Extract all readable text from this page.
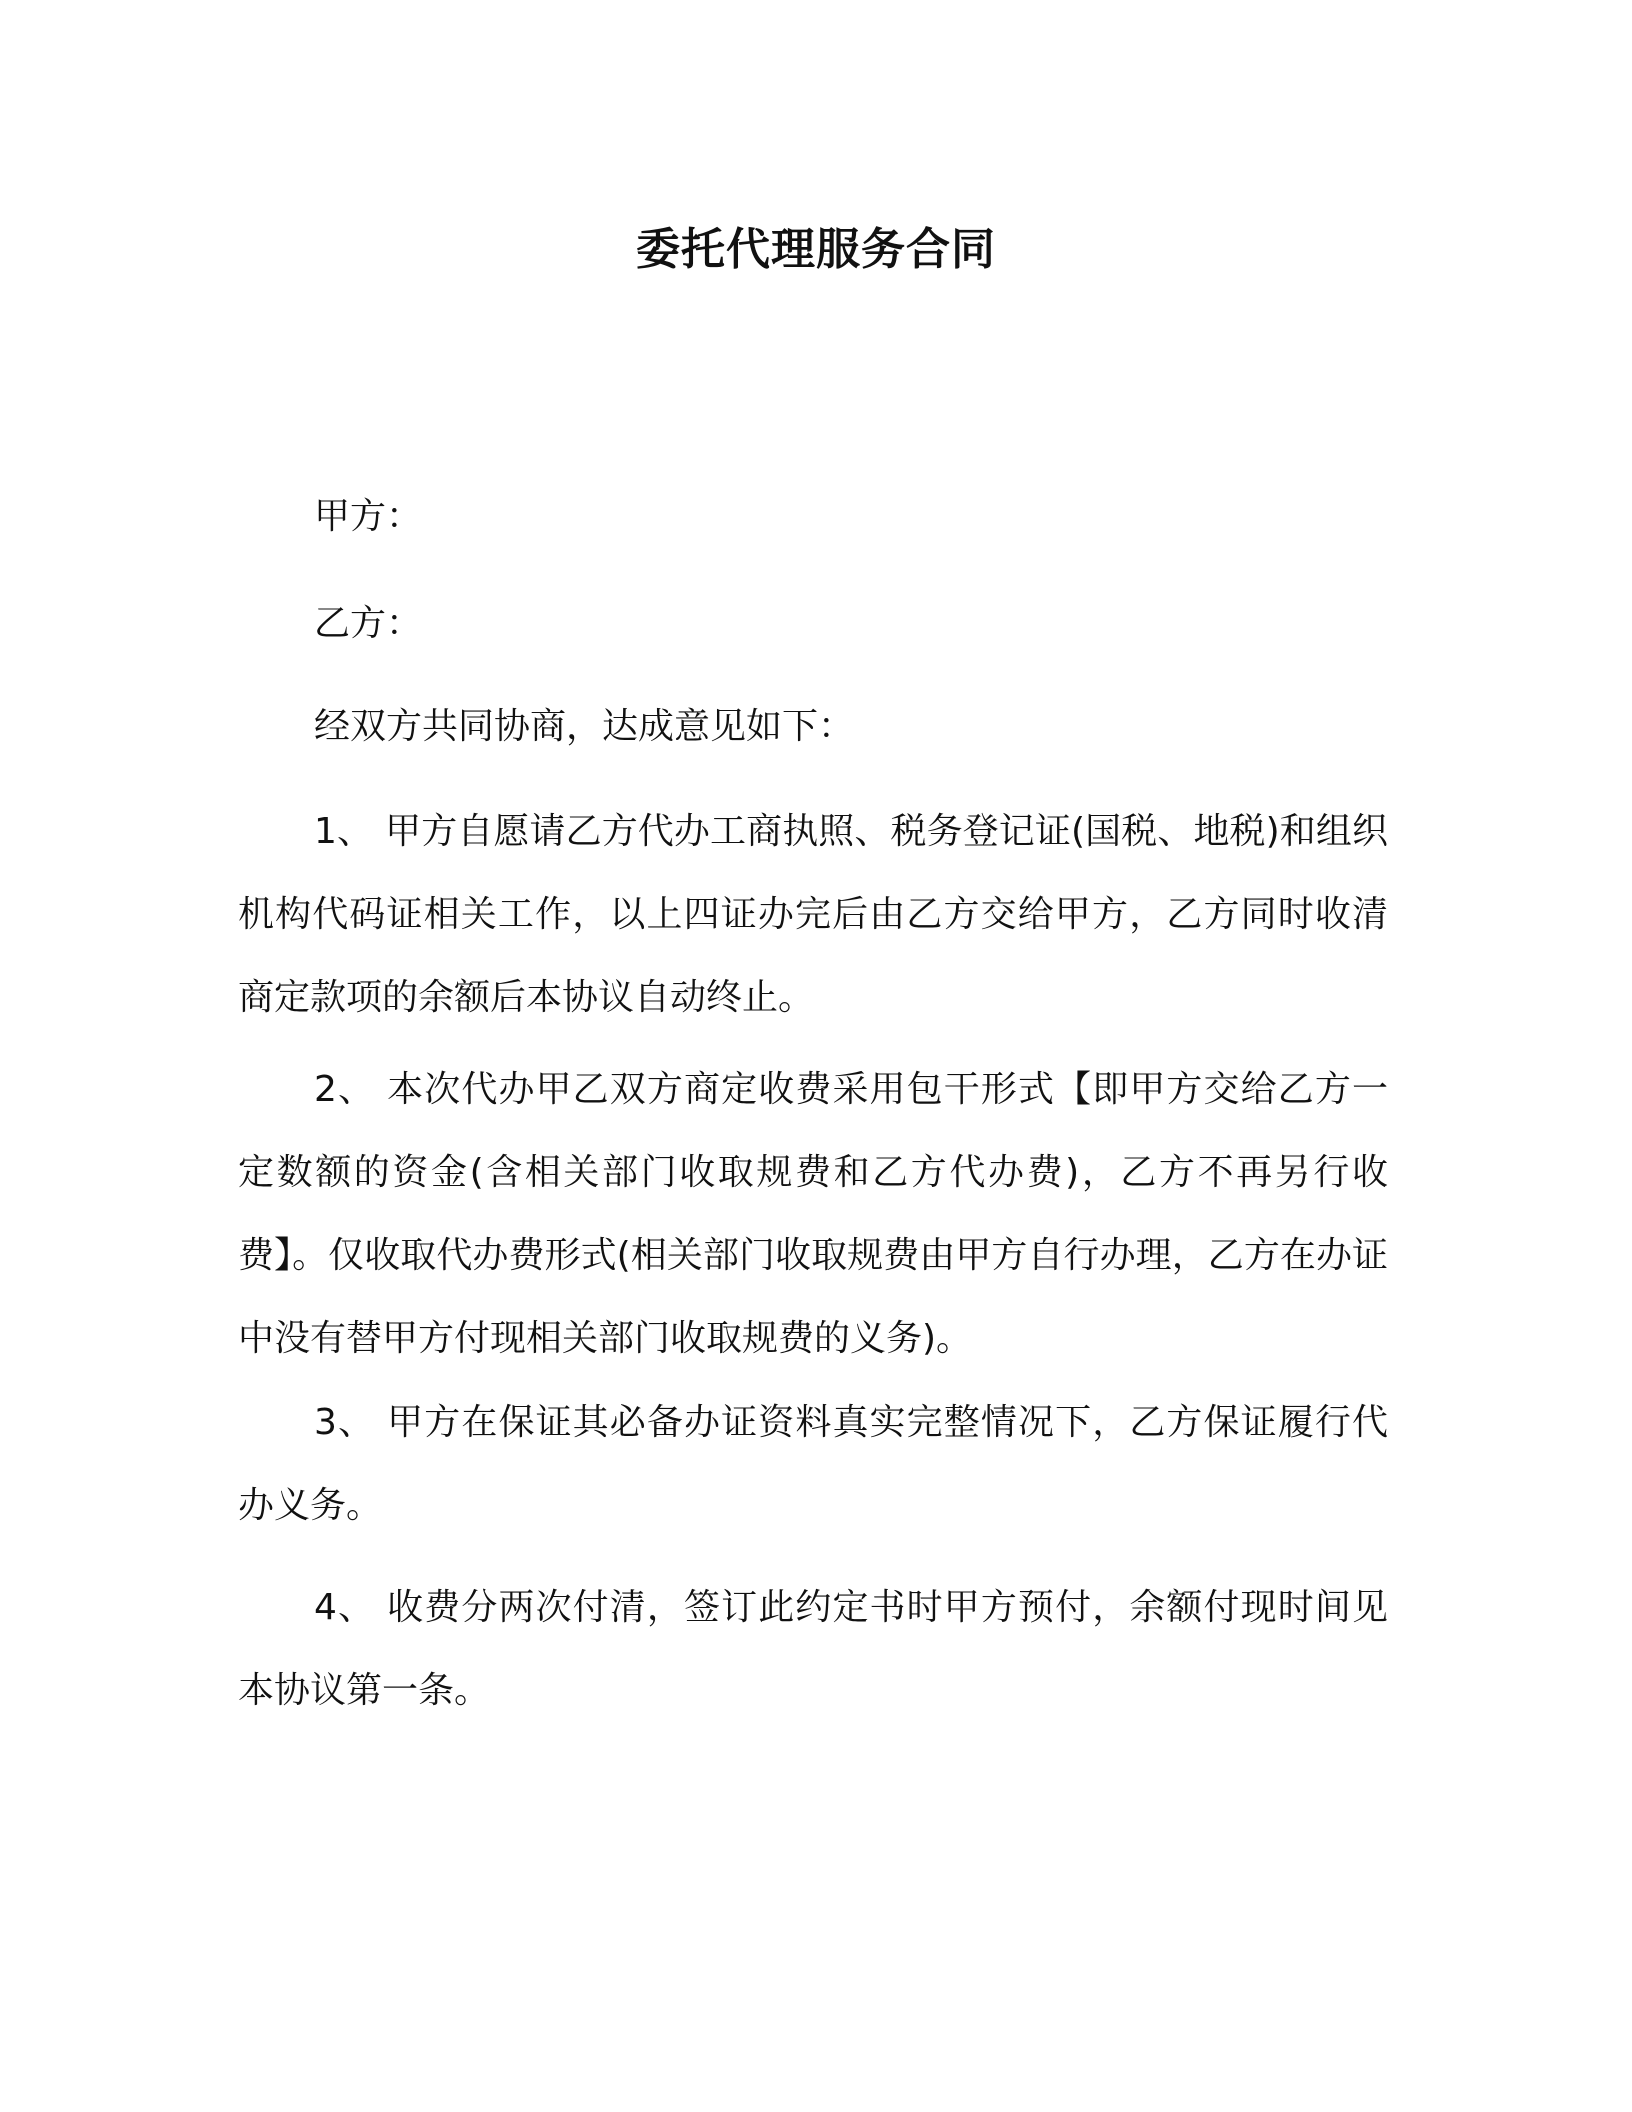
委托代理服务合同
甲方：
乙方：
经双方共同协商，达成意见如下：
1、 甲方自愿请乙方代办工商执照、税务登记证(国税、地税)和组织机构代码证相关工作，以上四证办完后由乙方交给甲方，乙方同时收清商定款项的余额后本协议自动终止。
2、 本次代办甲乙双方商定收费采用包干形式【即甲方交给乙方一定数额的资金(含相关部门收取规费和乙方代办费)，乙方不再另行收费】。仅收取代办费形式(相关部门收取规费由甲方自行办理，乙方在办证中没有替甲方付现相关部门收取规费的义务)。
3、 甲方在保证其必备办证资料真实完整情况下，乙方保证履行代办义务。
4、 收费分两次付清，签订此约定书时甲方预付，余额付现时间见本协议第一条。
